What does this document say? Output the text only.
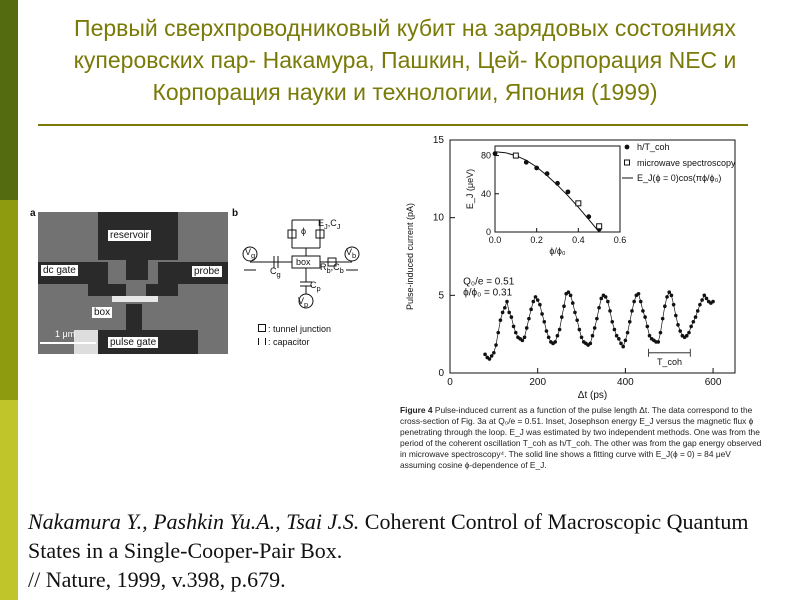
Первый сверхпроводниковый кубит на зарядовых состояниях куперовских пар- Накамура, Пашкин, Цей- Корпорация NEC и Корпорация науки и технологии, Япония (1999)
a
reservoir
dc gate	probe
box
pulse gate
1 μm
b
$E_J,C_J$
ϕ
$V_g$
$C_g$
box $R_b,C_b$
$V_b$
$C_p$
$V_p$
: tunnel junction
: capacitor
0	200	400	600
0
5
10
15
Δt (ps)
Pulse-induced current (pA)	Q₀/e = 0.51
ϕ/ϕ₀ = 0.31
T_coh
0.0	0.2	0.4	0.6
0
40
80
ϕ/ϕ₀
E_J (μeV)
h/T_coh
microwave spectroscopy
E_J(ϕ = 0)cos(πϕ/ϕ₀)
Figure 4 Pulse-induced current as a function of the pulse length Δt. The data correspond to the cross-section of Fig. 3a at Q₀/e = 0.51. Inset, Josephson energy E_J versus the magnetic flux ϕ penetrating through the loop. E_J was estimated by two independent methods. One was from the period of the coherent oscillation T_coh as h/T_coh. The other was from the gap energy observed in microwave spectroscopy⁴. The solid line shows a fitting curve with E_J(ϕ = 0) = 84 μeV assuming cosine ϕ-dependence of E_J.
Nakamura Y., Pashkin Yu.A., Tsai J.S. Coherent Control of Macroscopic Quantum States in a Single-Cooper-Pair Box.
// Nature, 1999, v.398, p.679.
